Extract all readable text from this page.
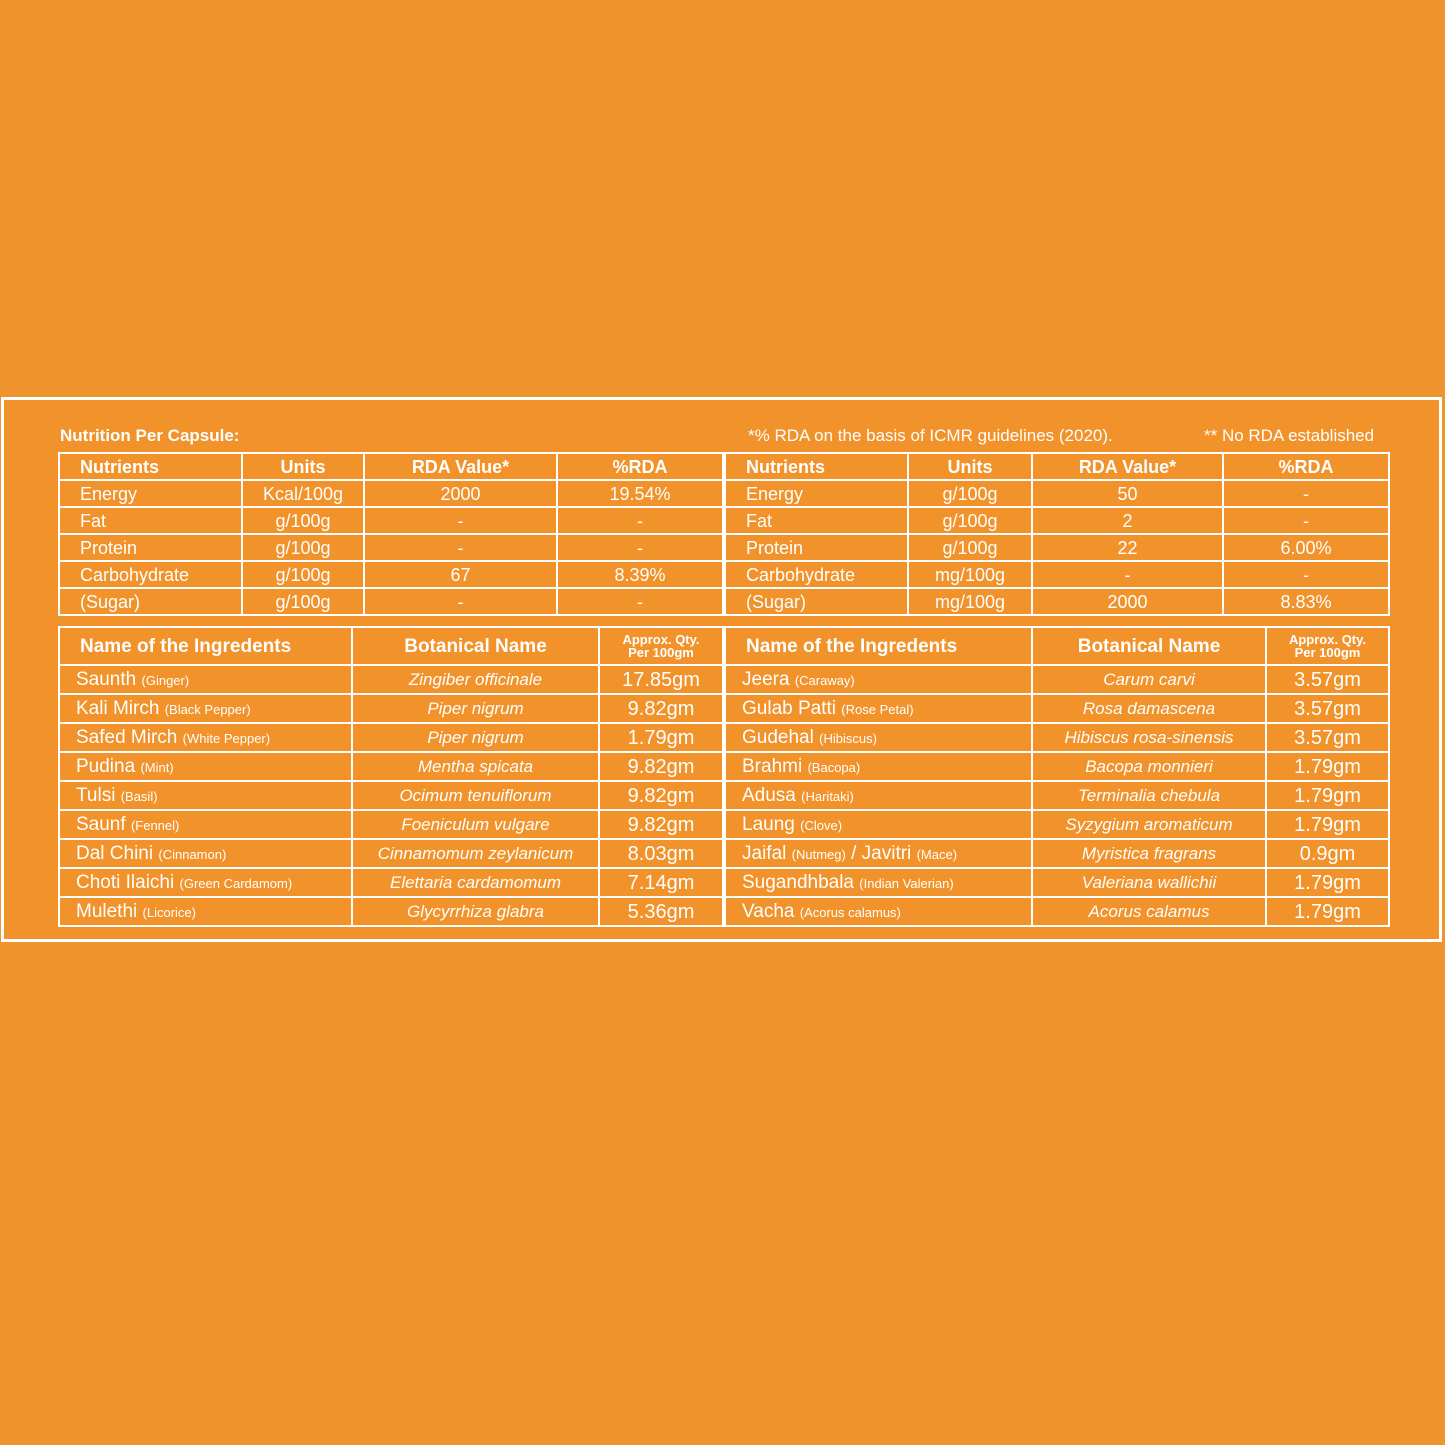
Nutrition Per Capsule:	*% RDA on the basis of ICMR guidelines (2020).	** No RDA established
Nutrients	Units	RDA Value*	%RDA
Energy	Kcal/100g	2000	19.54%
Fat	g/100g	-	-
Protein	g/100g	-	-
Carbohydrate	g/100g	67	8.39%
(Sugar)	g/100g	-	-
Nutrients	Units	RDA Value*	%RDA
Energy	g/100g	50	-
Fat	g/100g	2	-
Protein	g/100g	22	6.00%
Carbohydrate	mg/100g	-	-
(Sugar)	mg/100g	2000	8.83%
Name of the Ingredents	Botanical Name	Approx. Qty.
Per 100gm
Saunth (Ginger)	Zingiber officinale	17.85gm
Kali Mirch (Black Pepper)	Piper nigrum	9.82gm
Safed Mirch (White Pepper)	Piper nigrum	1.79gm
Pudina (Mint)	Mentha spicata	9.82gm
Tulsi (Basil)	Ocimum tenuiflorum	9.82gm
Saunf (Fennel)	Foeniculum vulgare	9.82gm
Dal Chini (Cinnamon)	Cinnamomum zeylanicum	8.03gm
Choti Ilaichi (Green Cardamom)	Elettaria cardamomum	7.14gm
Mulethi (Licorice)	Glycyrrhiza glabra	5.36gm
Name of the Ingredents	Botanical Name	Approx. Qty.
Per 100gm
Jeera (Caraway)	Carum carvi	3.57gm
Gulab Patti (Rose Petal)	Rosa damascena	3.57gm
Gudehal (Hibiscus)	Hibiscus rosa-sinensis	3.57gm
Brahmi (Bacopa)	Bacopa monnieri	1.79gm
Adusa (Haritaki)	Terminalia chebula	1.79gm
Laung (Clove)	Syzygium aromaticum	1.79gm
Jaifal (Nutmeg) / Javitri (Mace)	Myristica fragrans	0.9gm
Sugandhbala (Indian Valerian)	Valeriana wallichii	1.79gm
Vacha (Acorus calamus)	Acorus calamus	1.79gm
